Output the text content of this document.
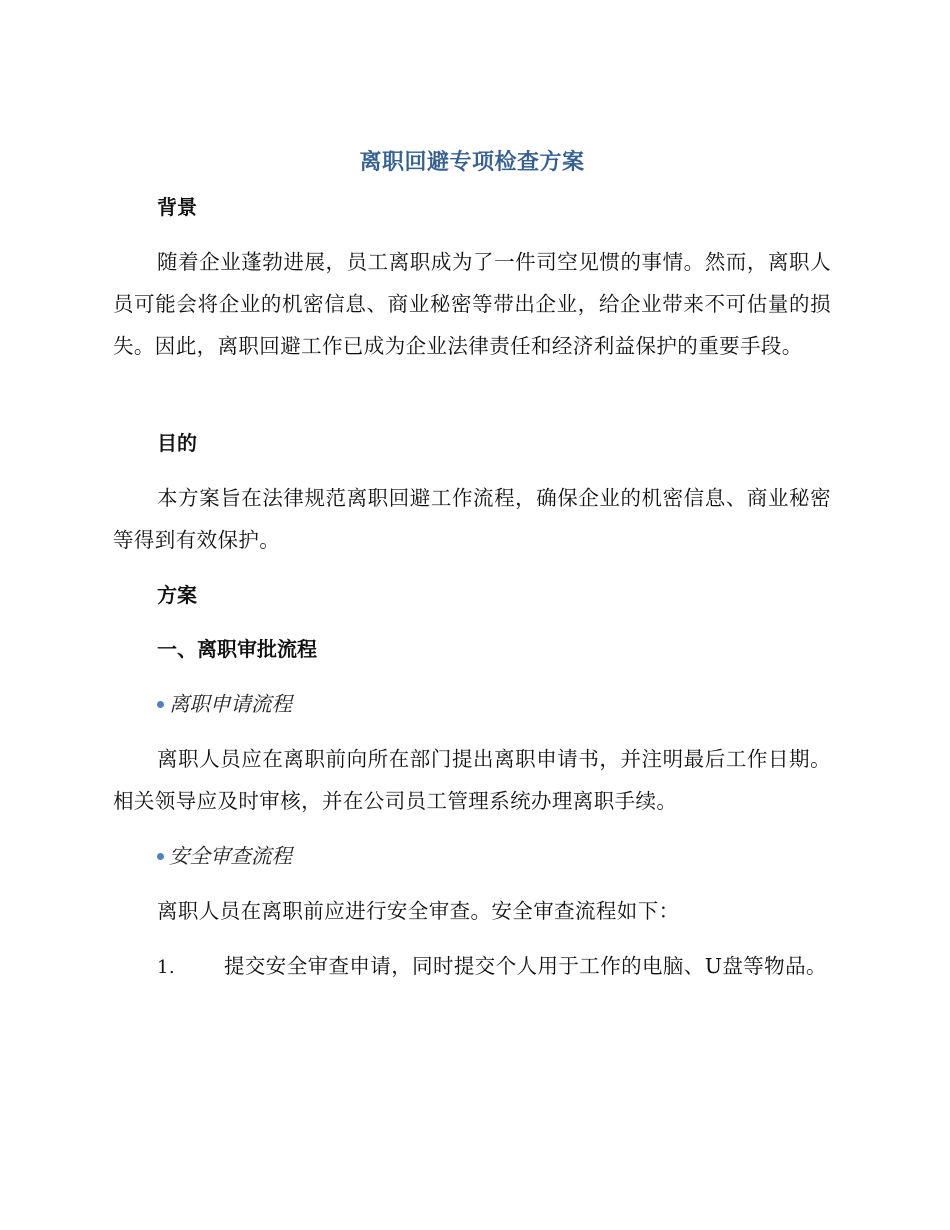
离职回避专项检查方案
背景
随着企业蓬勃进展，员工离职成为了一件司空见惯的事情。然而，离职人员可能会将企业的机密信息、商业秘密等带出企业，给企业带来不可估量的损失。因此，离职回避工作已成为企业法律责任和经济利益保护的重要手段。
目的
本方案旨在法律规范离职回避工作流程，确保企业的机密信息、商业秘密等得到有效保护。
方案
一、离职审批流程
离职申请流程
离职人员应在离职前向所在部门提出离职申请书，并注明最后工作日期。相关领导应及时审核，并在公司员工管理系统办理离职手续。
安全审查流程
离职人员在离职前应进行安全审查。安全审查流程如下：
1. 提交安全审查申请，同时提交个人用于工作的电脑、U盘等物品。
